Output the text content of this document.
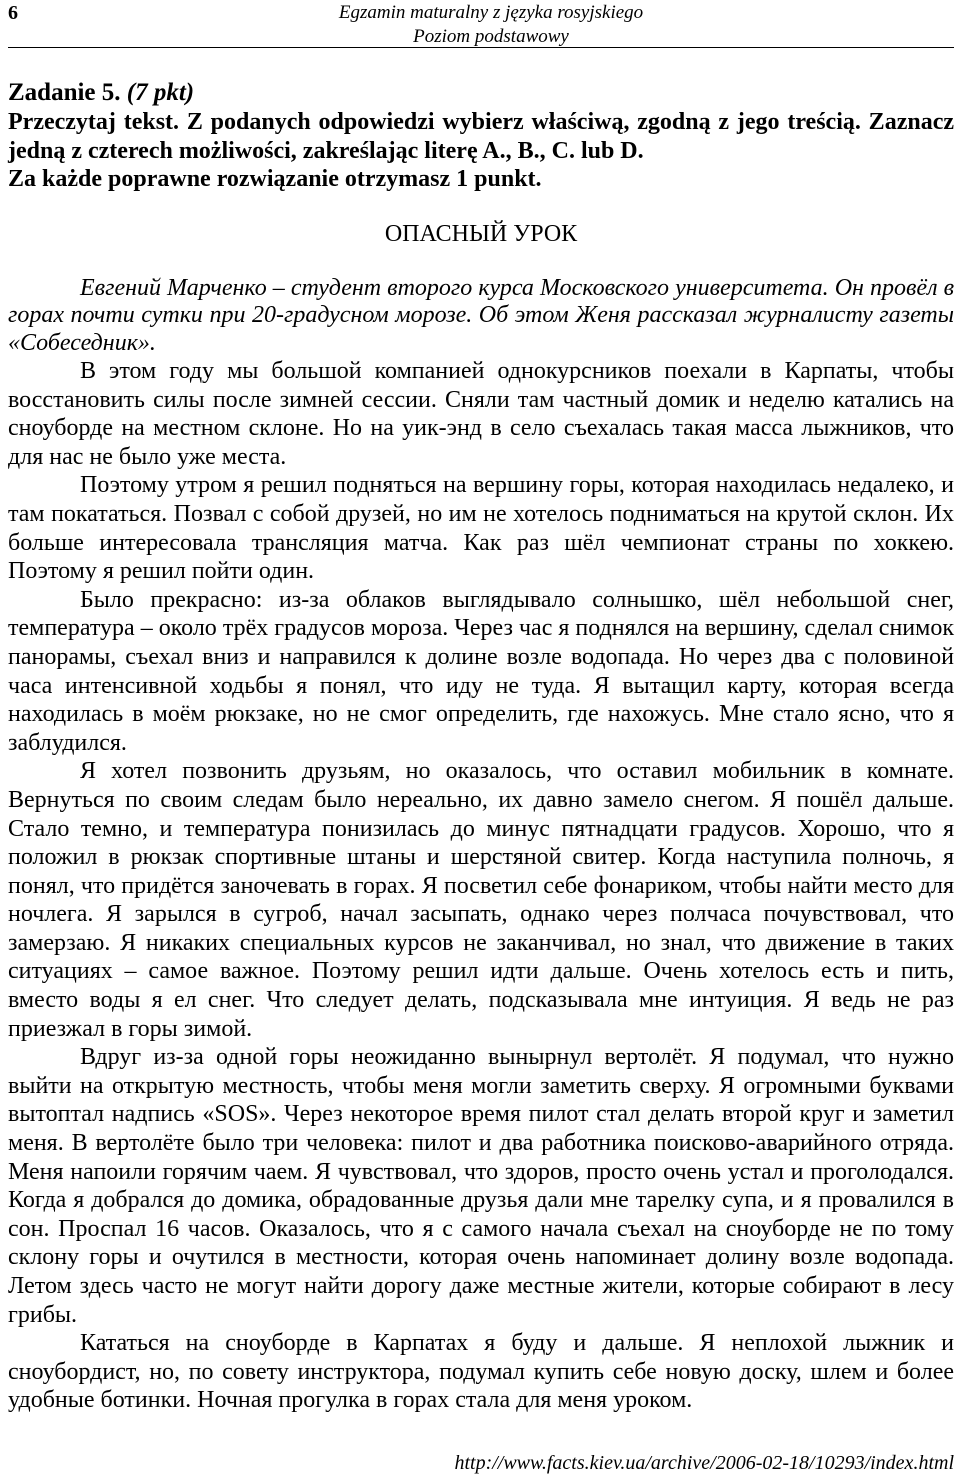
6	Egzamin maturalny z języka rosyjskiego
Poziom podstawowy
Zadanie 5. (7 pkt)
Przeczytaj tekst. Z podanych odpowiedzi wybierz właściwą, zgodną z jego treścią. Zaznacz jedną z czterech możliwości, zakreślając literę A., B., C. lub D.
Za każde poprawne rozwiązanie otrzymasz 1 punkt.
ОПАСНЫЙ УРОК

Евгений Марченко – студент второго курса Московского университета. Он провёл в горах почти сутки при 20-градусном морозе. Об этом Женя рассказал журналисту газеты «Собеседник».

В этом году мы большой компанией однокурсников поехали в Карпаты, чтобы восстановить силы после зимней сессии. Сняли там частный домик и неделю катались на сноуборде на местном склоне. Но на уик-энд в село съехалась такая масса лыжников, что для нас не было уже места.

Поэтому утром я решил подняться на вершину горы, которая находилась недалеко, и там покататься. Позвал с собой друзей, но им не хотелось подниматься на крутой склон. Их больше интересовала трансляция матча. Как раз шёл чемпионат страны по хоккею. Поэтому я решил пойти один.

Было прекрасно: из-за облаков выглядывало солнышко, шёл небольшой снег, температура – около трёх градусов мороза. Через час я поднялся на вершину, сделал снимок панорамы, съехал вниз и направился к долине возле водопада. Но через два с половиной часа интенсивной ходьбы я понял, что иду не туда. Я вытащил карту, которая всегда находилась в моём рюкзаке, но не смог определить, где нахожусь. Мне стало ясно, что я заблудился.

Я хотел позвонить друзьям, но оказалось, что оставил мобильник в комнате. Вернуться по своим следам было нереально, их давно замело снегом. Я пошёл дальше. Стало темно, и температура понизилась до минус пятнадцати градусов. Хорошо, что я положил в рюкзак спортивные штаны и шерстяной свитер. Когда наступила полночь, я понял, что придётся заночевать в горах. Я посветил себе фонариком, чтобы найти место для ночлега. Я зарылся в сугроб, начал засыпать, однако через полчаса почувствовал, что замерзаю. Я никаких специальных курсов не заканчивал, но знал, что движение в таких ситуациях – самое важное. Поэтому решил идти дальше. Очень хотелось есть и пить, вместо воды я ел снег. Что следует делать, подсказывала мне интуиция. Я ведь не раз приезжал в горы зимой.

Вдруг из-за одной горы неожиданно вынырнул вертолёт. Я подумал, что нужно выйти на открытую местность, чтобы меня могли заметить сверху. Я огромными буквами вытоптал надпись «SOS». Через некоторое время пилот стал делать второй круг и заметил меня. В вертолёте было три человека: пилот и два работника поисково-аварийного отряда. Меня напоили горячим чаем. Я чувствовал, что здоров, просто очень устал и проголодался. Когда я добрался до домика, обрадованные друзья дали мне тарелку супа, и я провалился в сон. Проспал 16 часов. Оказалось, что я с самого начала съехал на сноуборде не по тому склону горы и очутился в местности, которая очень напоминает долину возле водопада. Летом здесь часто не могут найти дорогу даже местные жители, которые собирают в лесу грибы.

Кататься на сноуборде в Карпатах я буду и дальше. Я неплохой лыжник и сноубордист, но, по совету инструктора, подумал купить себе новую доску, шлем и более удобные ботинки. Ночная прогулка в горах стала для меня уроком.

http://www.facts.kiev.ua/archive/2006-02-18/10293/index.html
